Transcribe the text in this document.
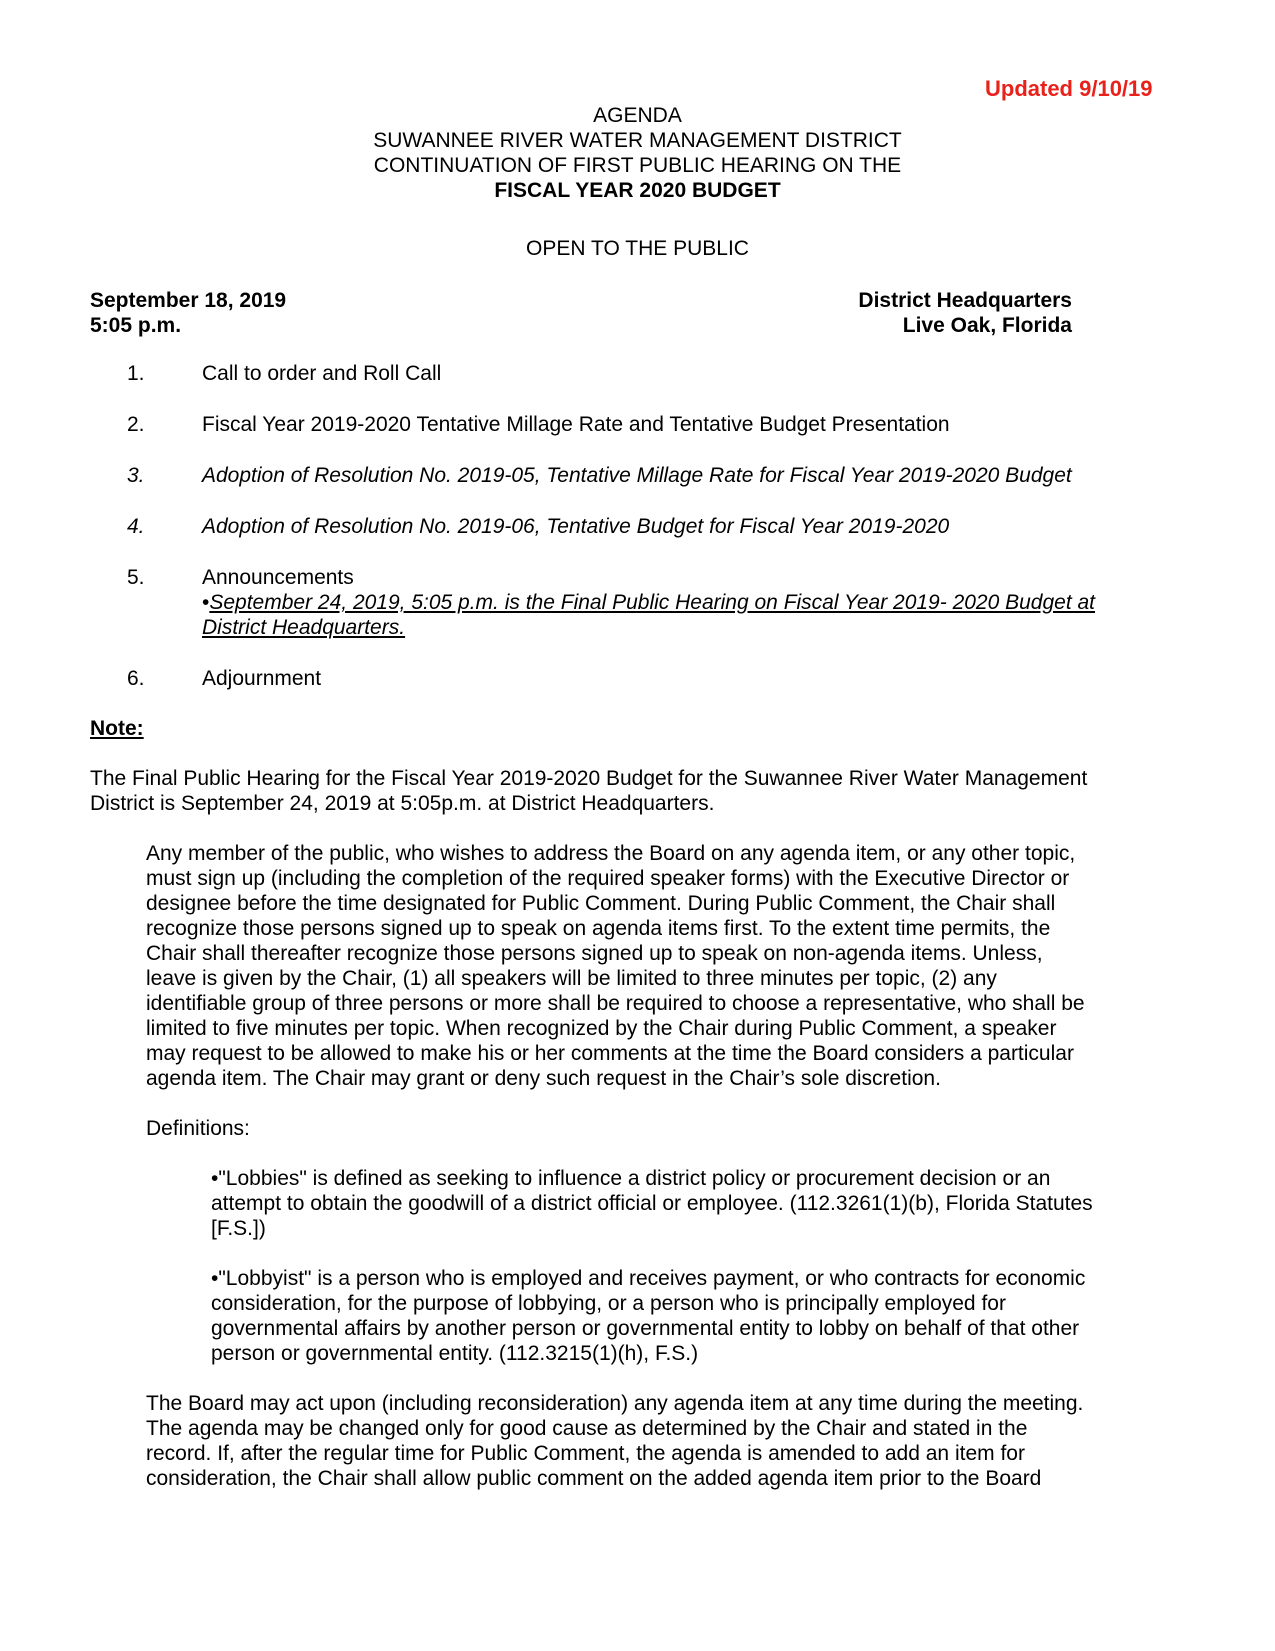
Updated 9/10/19
AGENDA
SUWANNEE RIVER WATER MANAGEMENT DISTRICT
CONTINUATION OF FIRST PUBLIC HEARING ON THE
FISCAL YEAR 2020 BUDGET
OPEN TO THE PUBLIC
September 18, 2019
5:05 p.m.
District Headquarters
Live Oak, Florida
1.	Call to order and Roll Call
2.	Fiscal Year 2019-2020 Tentative Millage Rate and Tentative Budget Presentation
3.	Adoption of Resolution No. 2019-05, Tentative Millage Rate for Fiscal Year 2019-2020 Budget
4.	Adoption of Resolution No. 2019-06, Tentative Budget for Fiscal Year 2019-2020
5.	Announcements
•September 24, 2019, 5:05 p.m. is the Final Public Hearing on Fiscal Year 2019- 2020 Budget at
District Headquarters.
6.	Adjournment
Note:
The Final Public Hearing for the Fiscal Year 2019-2020 Budget for the Suwannee River Water Management
District is September 24, 2019 at 5:05p.m. at District Headquarters.
Any member of the public, who wishes to address the Board on any agenda item, or any other topic,
must sign up (including the completion of the required speaker forms) with the Executive Director or
designee before the time designated for Public Comment. During Public Comment, the Chair shall
recognize those persons signed up to speak on agenda items first. To the extent time permits, the
Chair shall thereafter recognize those persons signed up to speak on non-agenda items. Unless,
leave is given by the Chair, (1) all speakers will be limited to three minutes per topic, (2) any
identifiable group of three persons or more shall be required to choose a representative, who shall be
limited to five minutes per topic. When recognized by the Chair during Public Comment, a speaker
may request to be allowed to make his or her comments at the time the Board considers a particular
agenda item. The Chair may grant or deny such request in the Chair’s sole discretion.
Definitions:
•"Lobbies" is defined as seeking to influence a district policy or procurement decision or an
attempt to obtain the goodwill of a district official or employee. (112.3261(1)(b), Florida Statutes
[F.S.])
•"Lobbyist" is a person who is employed and receives payment, or who contracts for economic
consideration, for the purpose of lobbying, or a person who is principally employed for
governmental affairs by another person or governmental entity to lobby on behalf of that other
person or governmental entity. (112.3215(1)(h), F.S.)
The Board may act upon (including reconsideration) any agenda item at any time during the meeting.
The agenda may be changed only for good cause as determined by the Chair and stated in the
record. If, after the regular time for Public Comment, the agenda is amended to add an item for
consideration, the Chair shall allow public comment on the added agenda item prior to the Board
